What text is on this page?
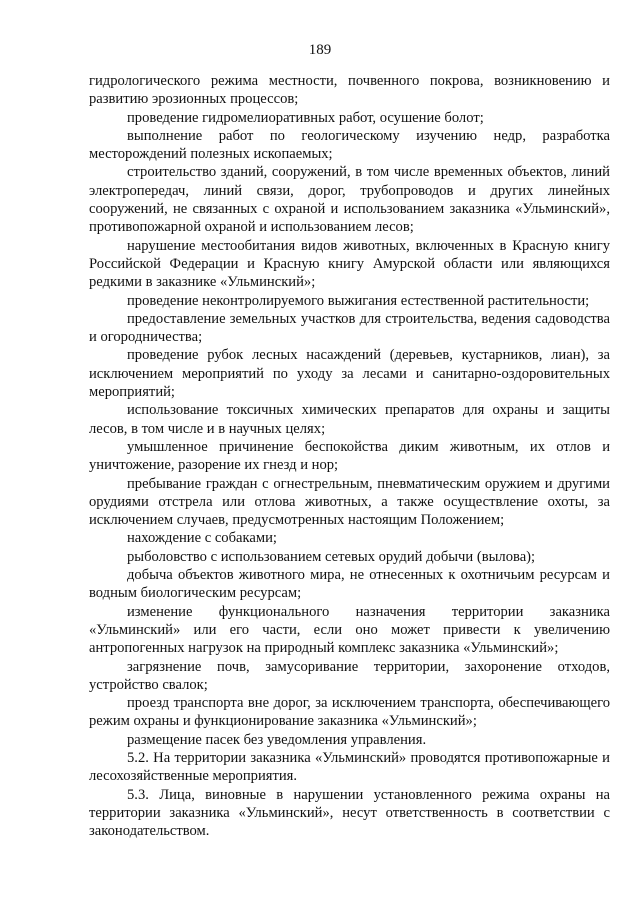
189

гидрологического режима местности, почвенного покрова, возникновению и развитию эрозионных процессов;

проведение гидромелиоративных работ, осушение болот;

выполнение работ по геологическому изучению недр, разработка месторождений полезных ископаемых;

строительство зданий, сооружений, в том числе временных объектов, линий электропередач, линий связи, дорог, трубопроводов и других линейных сооружений, не связанных с охраной и использованием заказника «Ульминский», противопожарной охраной и использованием лесов;

нарушение местообитания видов животных, включенных в Красную книгу Российской Федерации и Красную книгу Амурской области или являющихся редкими в заказнике «Ульминский»;

проведение неконтролируемого выжигания естественной растительности;

предоставление земельных участков для строительства, ведения садоводства и огородничества;

проведение рубок лесных насаждений (деревьев, кустарников, лиан), за исключением мероприятий по уходу за лесами и санитарно-оздоровительных мероприятий;

использование токсичных химических препаратов для охраны и защиты лесов, в том числе и в научных целях;

умышленное причинение беспокойства диким животным, их отлов и уничтожение, разорение их гнезд и нор;

пребывание граждан с огнестрельным, пневматическим оружием и другими орудиями отстрела или отлова животных, а также осуществление охоты, за исключением случаев, предусмотренных настоящим Положением;

нахождение с собаками;

рыболовство с использованием сетевых орудий добычи (вылова);

добыча объектов животного мира, не отнесенных к охотничьим ресурсам и водным биологическим ресурсам;

изменение функционального назначения территории заказника «Ульминский» или его части, если оно может привести к увеличению антропогенных нагрузок на природный комплекс заказника «Ульминский»;

загрязнение почв, замусоривание территории, захоронение отходов, устройство свалок;

проезд транспорта вне дорог, за исключением транспорта, обеспечивающего режим охраны и функционирование заказника «Ульминский»;

размещение пасек без уведомления управления.

5.2. На территории заказника «Ульминский» проводятся противопожарные и лесохозяйственные мероприятия.

5.3. Лица, виновные в нарушении установленного режима охраны на территории заказника «Ульминский», несут ответственность в соответствии с законодательством.
